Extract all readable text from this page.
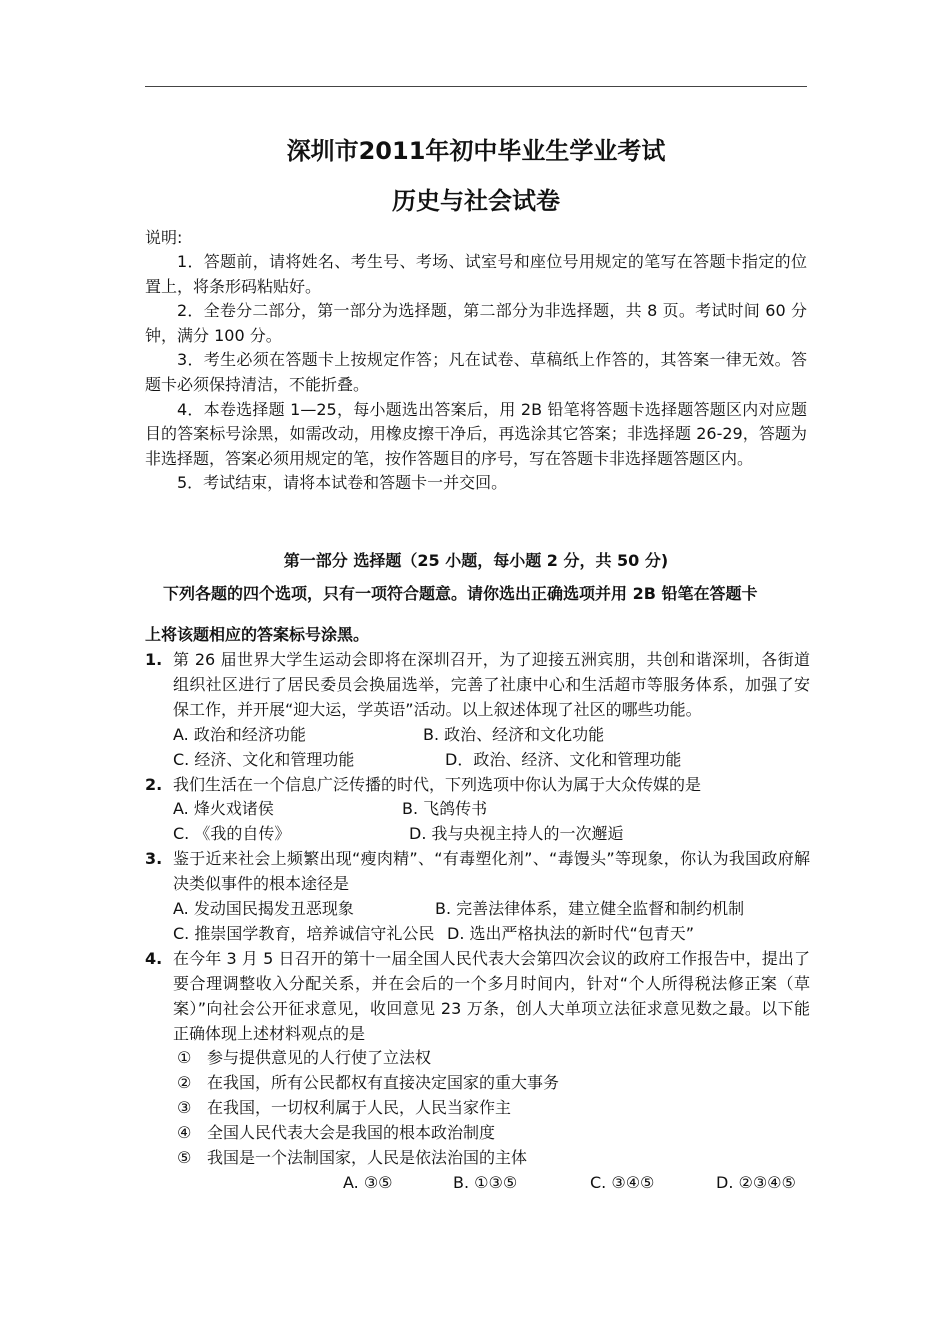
深圳市2011年初中毕业生学业考试
历史与社会试卷
说明:

1．答题前，请将姓名、考生号、考场、试室号和座位号用规定的笔写在答题卡指定的位置上，将条形码粘贴好。

2．全卷分二部分，第一部分为选择题，第二部分为非选择题，共 8 页。考试时间 60 分钟，满分 100 分。

3．考生必须在答题卡上按规定作答；凡在试卷、草稿纸上作答的，其答案一律无效。答题卡必须保持清洁，不能折叠。

4．本卷选择题 1—25，每小题选出答案后，用 2B 铅笔将答题卡选择题答题区内对应题目的答案标号涂黑，如需改动，用橡皮擦干净后，再选涂其它答案；非选择题 26-29，答题为非选择题，答案必须用规定的笔，按作答题目的序号，写在答题卡非选择题答题区内。

5．考试结束，请将本试卷和答题卡一并交回。

第一部分 选择题（25 小题，每小题 2 分，共 50 分)
下列各题的四个选项，只有一项符合题意。请你选出正确选项并用 2B 铅笔在答题卡
上将该题相应的答案标号涂黑。
1. 第 26 届世界大学生运动会即将在深圳召开，为了迎接五洲宾朋，共创和谐深圳，各街道组织社区进行了居民委员会换届选举，完善了社康中心和生活超市等服务体系，加强了安保工作，并开展“迎大运，学英语”活动。以上叙述体现了社区的哪些功能。
A. 政治和经济功能	B. 政治、经济和文化功能
C. 经济、文化和管理功能	D．政治、经济、文化和管理功能
2. 我们生活在一个信息广泛传播的时代，下列选项中你认为属于大众传媒的是
A. 烽火戏诸侯	B. 飞鸽传书
C. 《我的自传》	D. 我与央视主持人的一次邂逅
3. 鉴于近来社会上频繁出现“瘦肉精”、“有毒塑化剂”、“毒馒头”等现象，你认为我国政府解决类似事件的根本途径是
A. 发动国民揭发丑恶现象	B. 完善法律体系，建立健全监督和制约机制
C. 推崇国学教育，培养诚信守礼公民 D. 选出严格执法的新时代“包青天”
4. 在今年 3 月 5 日召开的第十一届全国人民代表大会第四次会议的政府工作报告中，提出了要合理调整收入分配关系，并在会后的一个多月时间内，针对“个人所得税法修正案（草案）”向社会公开征求意见，收回意见 23 万条，创人大单项立法征求意见数之最。以下能正确体现上述材料观点的是
① 参与提供意见的人行使了立法权
② 在我国，所有公民都权有直接决定国家的重大事务
③ 在我国，一切权利属于人民，人民当家作主
④ 全国人民代表大会是我国的根本政治制度
⑤ 我国是一个法制国家，人民是依法治国的主体
A. ③⑤	B. ①③⑤	C. ③④⑤	D. ②③④⑤
